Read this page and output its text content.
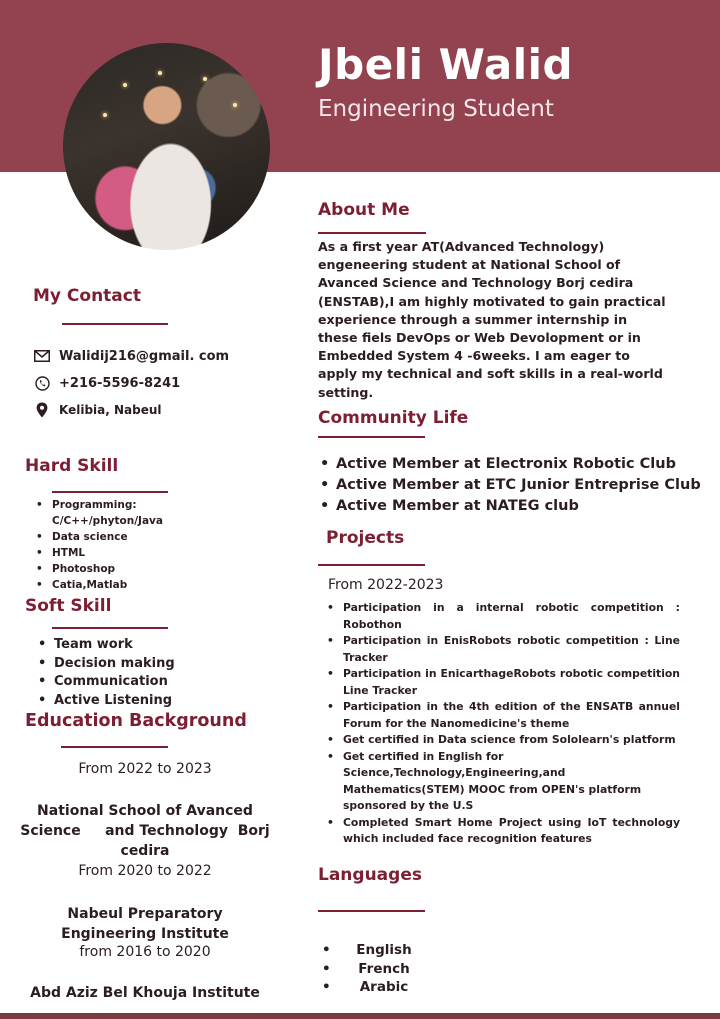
Jbeli Walid
Engineering Student
My Contact
Walidij216@gmail. com
+216-5596-8241
Kelibia, Nabeul
Hard Skill
• Programming:
C/C++/phyton/Java
• Data science
• HTML
• Photoshop
• Catia,Matlab
Soft Skill
• Team work
• Decision making
• Communication
• Active Listening
Education Background
From 2022 to 2023
National School of Avanced Science     and Technology  Borj cedira
From 2020 to 2022
Nabeul Preparatory Engineering Institute
from 2016 to 2020
Abd Aziz Bel Khouja Institute
About Me
As a first year AT(Advanced Technology) engeneering student at National School of Avanced Science and Technology Borj cedira (ENSTAB),I am highly motivated to gain practical experience through a summer internship in these fiels DevOps or Web Devolopment or in Embedded System 4 -6weeks. I am eager to apply my technical and soft skills in a real-world setting.
Community Life
• Active Member at Electronix Robotic Club
• Active Member at ETC Junior Entreprise Club
• Active Member at NATEG club
Projects
From 2022-2023
• Participation in a internal robotic competition : Robothon
• Participation in EnisRobots robotic competition : Line Tracker
• Participation in EnicarthageRobots robotic competition Line Tracker
• Participation in the 4th edition of the ENSATB annuel Forum for the Nanomedicine's theme
• Get certified in Data science from Sololearn's platform
• Get certified in English for Science,Technology,Engineering,and Mathematics(STEM) MOOC from OPEN's platform sponsored by the U.S
• Completed Smart Home Project using IoT technology which included face recognition features
Languages
•	English
•	French
•	Arabic
